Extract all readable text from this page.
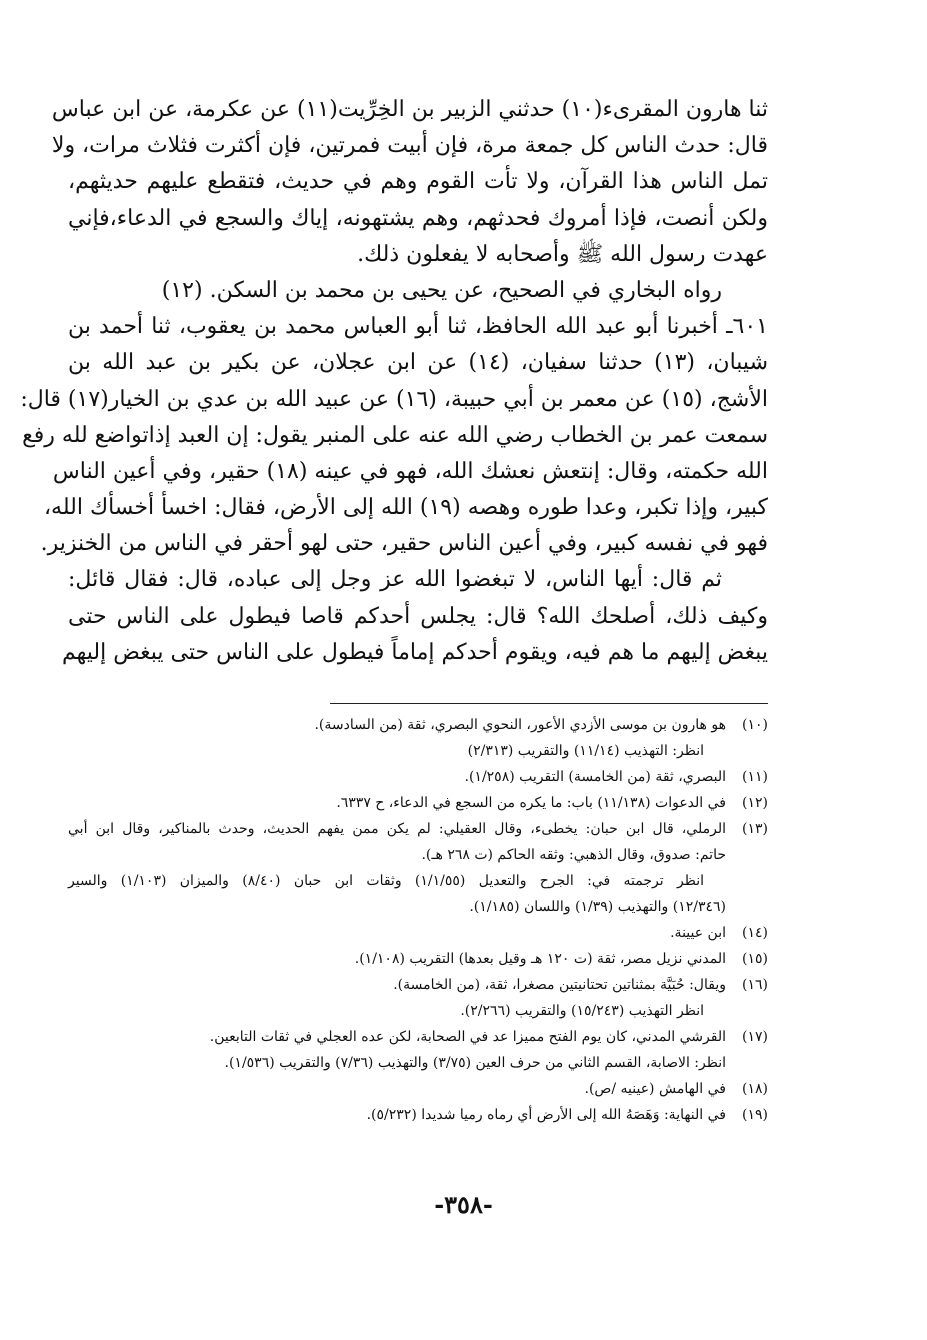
ثنا هارون المقرىء(١٠) حدثني الزبير بن الخِرِّيت(١١) عن عكرمة، عن ابن عباس
قال: حدث الناس كل جمعة مرة، فإن أبيت فمرتين، فإن أكثرت فثلاث مرات، ولا
تمل الناس هذا القرآن، ولا تأت القوم وهم في حديث، فتقطع عليهم حديثهم،
ولكن أنصت، فإذا أمروك فحدثهم، وهم يشتهونه، إياك والسجع في الدعاء،فإني
عهدت رسول الله ﷺ وأصحابه لا يفعلون ذلك.
رواه البخاري في الصحيح، عن يحيى بن محمد بن السكن. (١٢)
٦٠١ـ أخبرنا أبو عبد الله الحافظ، ثنا أبو العباس محمد بن يعقوب، ثنا أحمد بن
شيبان، (١٣) حدثنا سفيان، (١٤) عن ابن عجلان، عن بكير بن عبد الله بن
الأشج، (١٥) عن معمر بن أبي حبيبة، (١٦) عن عبيد الله بن عدي بن الخيار(١٧) قال:
سمعت عمر بن الخطاب رضي الله عنه على المنبر يقول: إن العبد إذاتواضع لله رفع
الله حكمته، وقال: إنتعش نعشك الله، فهو في عينه (١٨) حقير، وفي أعين الناس
كبير، وإذا تكبر، وعدا طوره وهصه (١٩) الله إلى الأرض، فقال: اخسأ أخسأك الله،
فهو في نفسه كبير، وفي أعين الناس حقير، حتى لهو أحقر في الناس من الخنزير.
ثم قال: أيها الناس، لا تبغضوا الله عز وجل إلى عباده، قال: فقال قائل:
وكيف ذلك، أصلحك الله؟ قال: يجلس أحدكم قاصا فيطول على الناس حتى
يبغض إليهم ما هم فيه، ويقوم أحدكم إماماً فيطول على الناس حتى يبغض إليهم
(١٠)
هو هارون بن موسى الأزدي الأعور، النحوي البصري، ثقة (من السادسة).
انظر: التهذيب (١١/١٤) والتقريب (٢/٣١٣)
(١١)
البصري، ثقة (من الخامسة) التقريب (١/٢٥٨).
(١٢)
في الدعوات (١١/١٣٨) باب: ما يكره من السجع في الدعاء، ح ٦٣٣٧.
(١٣)
الرملي، قال ابن حبان: يخطىء، وقال العقيلي: لم يكن ممن يفهم الحديث، وحدث بالمناكير، وقال ابن أبي
حاتم: صدوق، وقال الذهبي: وثقه الحاكم (ت ٢٦٨ هـ).
انظر ترجمته في: الجرح والتعديل (١/١/٥٥) وثقات ابن حبان (٨/٤٠) والميزان (١/١٠٣) والسير
(١٢/٣٤٦) والتهذيب (١/٣٩) واللسان (١/١٨٥).
(١٤)
ابن عيينة.
(١٥)
المدني نزيل مصر، ثقة (ت ١٢٠ هـ وقيل بعدها) التقريب (١/١٠٨).
(١٦)
ويقال: حُبَيَّة بمثناتين تحتانيتين مصغرا، ثقة، (من الخامسة).
انظر التهذيب (١٥/٢٤٣) والتقريب (٢/٢٦٦).
(١٧)
القرشي المدني، كان يوم الفتح مميزا عد في الصحابة، لكن عده العجلي في ثقات التابعين.
انظر: الاصابة، القسم الثاني من حرف العين (٣/٧٥) والتهذيب (٧/٣٦) والتقريب (١/٥٣٦).
(١٨)
في الهامش (عينيه /ص).
(١٩)
في النهاية: وَهَصَهُ الله إلى الأرض أي رماه رميا شديدا (٥/٢٣٢).
-٣٥٨-
